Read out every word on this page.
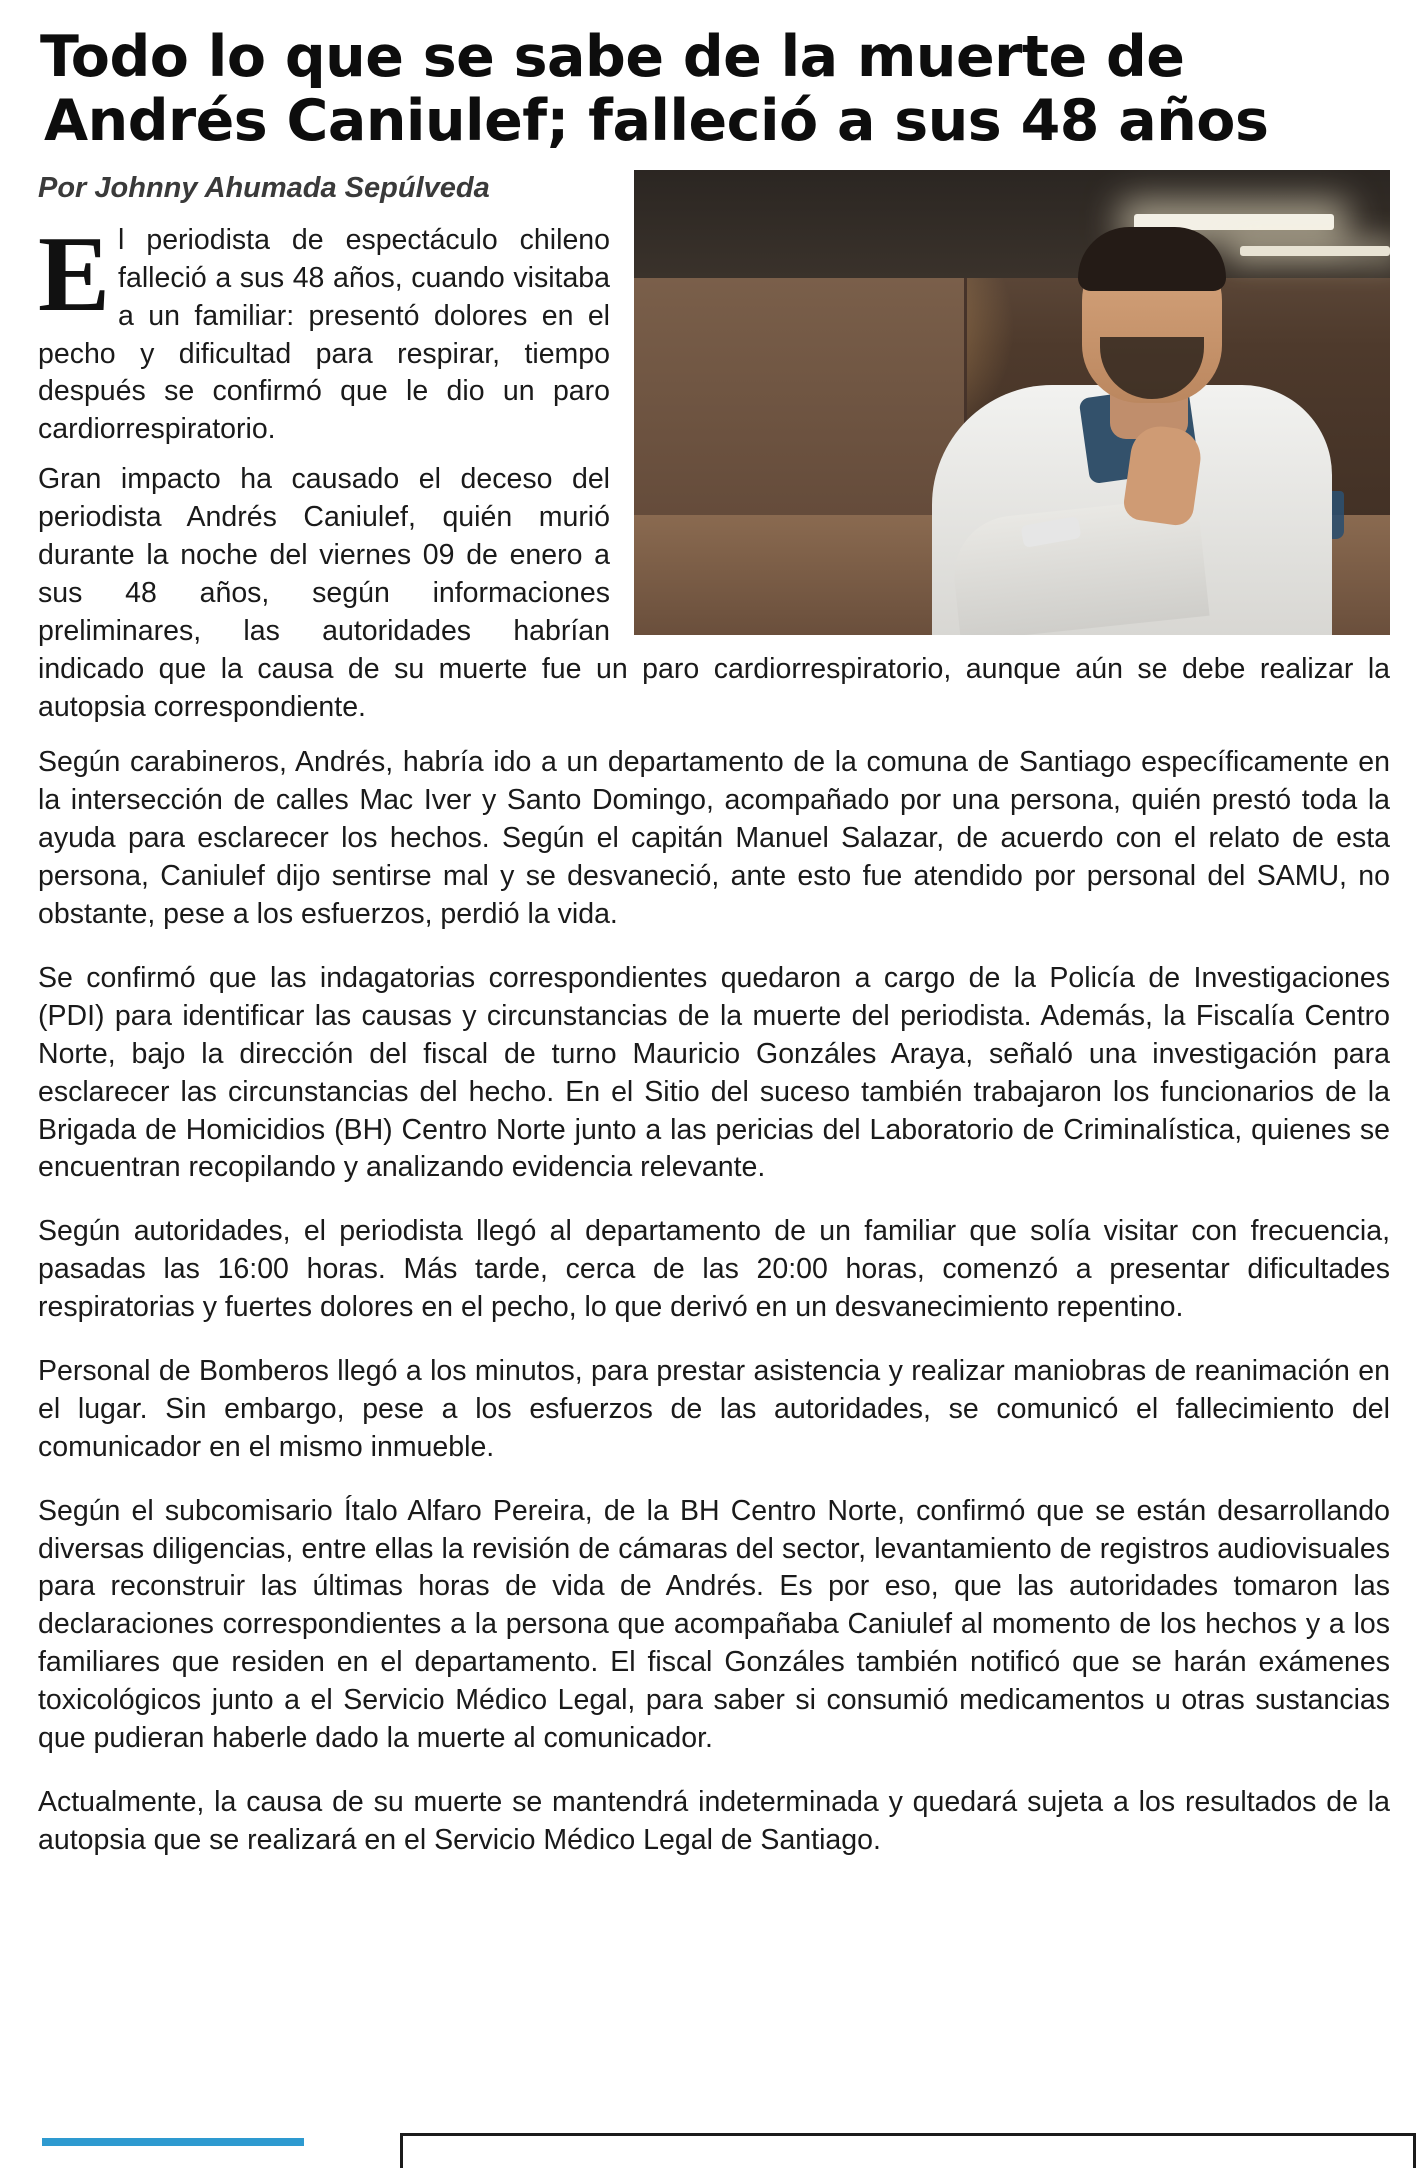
Todo lo que se sabe de la muerte de Andrés Caniulef; falleció a sus 48 años
Por Johnny Ahumada Sepúlveda

El periodista de espectáculo chileno falleció a sus 48 años, cuando visitaba a un familiar: presentó dolores en el pecho y dificultad para respirar, tiempo después se confirmó que le dio un paro cardiorrespiratorio.

Gran impacto ha causado el deceso del periodista Andrés Caniulef, quién murió durante la noche del viernes 09 de enero a sus 48 años, según informaciones preliminares, las autoridades habrían indicado que la causa de su muerte fue un paro cardiorrespiratorio, aunque aún se debe realizar la autopsia correspondiente.

Según carabineros, Andrés, habría ido a un departamento de la comuna de Santiago específicamente en la intersección de calles Mac Iver y Santo Domingo, acompañado por una persona, quién prestó toda la ayuda para esclarecer los hechos. Según el capitán Manuel Salazar, de acuerdo con el relato de esta persona, Caniulef dijo sentirse mal y se desvaneció, ante esto fue atendido por personal del SAMU, no obstante, pese a los esfuerzos, perdió la vida.

Se confirmó que las indagatorias correspondientes quedaron a cargo de la Policía de Investigaciones (PDI) para identificar las causas y circunstancias de la muerte del periodista. Además, la Fiscalía Centro Norte, bajo la dirección del fiscal de turno Mauricio Gonzáles Araya, señaló una investigación para esclarecer las circunstancias del hecho. En el Sitio del suceso también trabajaron los funcionarios de la Brigada de Homicidios (BH) Centro Norte junto a las pericias del Laboratorio de Criminalística, quienes se encuentran recopilando y analizando evidencia relevante.

Según autoridades, el periodista llegó al departamento de un familiar que solía visitar con frecuencia, pasadas las 16:00 horas. Más tarde, cerca de las 20:00 horas, comenzó a presentar dificultades respiratorias y fuertes dolores en el pecho, lo que derivó en un desvanecimiento repentino.

Personal de Bomberos llegó a los minutos, para prestar asistencia y realizar maniobras de reanimación en el lugar. Sin embargo, pese a los esfuerzos de las autoridades, se comunicó el fallecimiento del comunicador en el mismo inmueble.

Según el subcomisario Ítalo Alfaro Pereira, de la BH Centro Norte, confirmó que se están desarrollando diversas diligencias, entre ellas la revisión de cámaras del sector, levantamiento de registros audiovisuales para reconstruir las últimas horas de vida de Andrés. Es por eso, que las autoridades tomaron las declaraciones correspondientes a la persona que acompañaba Caniulef al momento de los hechos y a los familiares que residen en el departamento. El fiscal Gonzáles también notificó que se harán exámenes toxicológicos junto a el Servicio Médico Legal, para saber si consumió medicamentos u otras sustancias que pudieran haberle dado la muerte al comunicador.

Actualmente, la causa de su muerte se mantendrá indeterminada y quedará sujeta a los resultados de la autopsia que se realizará en el Servicio Médico Legal de Santiago.
